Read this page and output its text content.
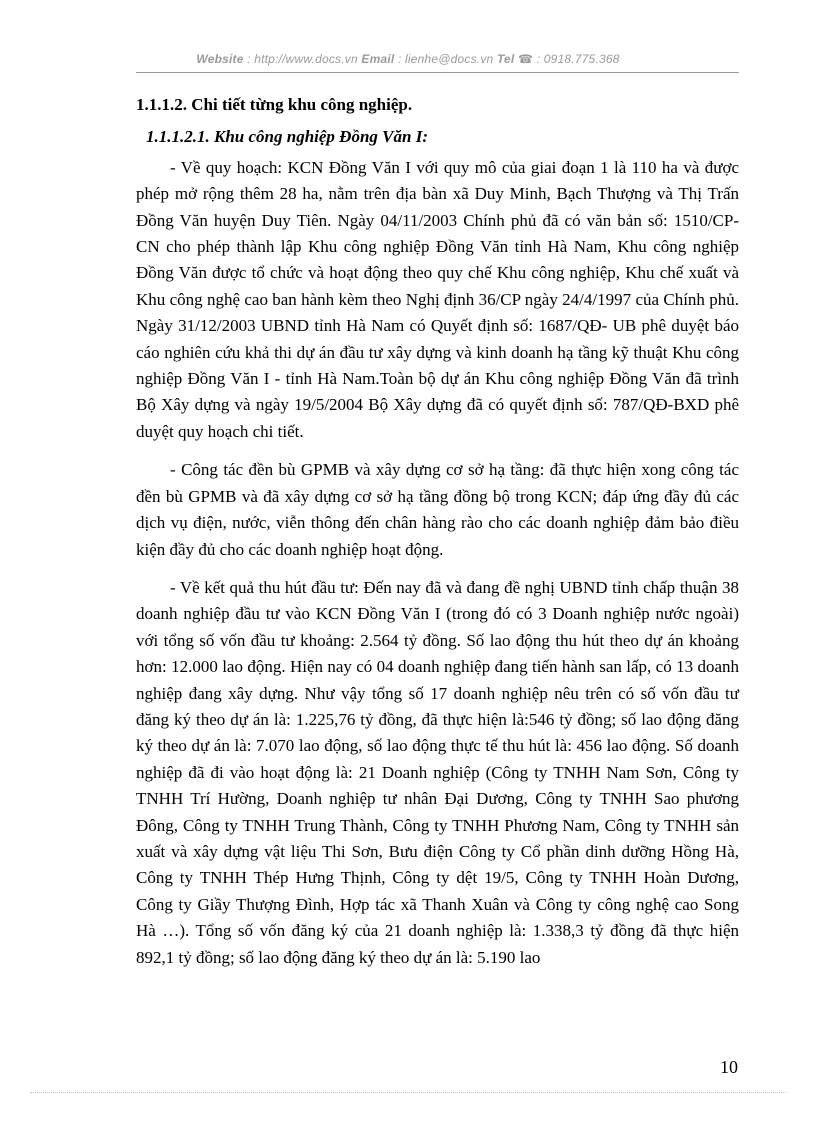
Website : http://www.docs.vn Email : lienhe@docs.vn Tel ☎ : 0918.775.368
1.1.1.2. Chi tiết từng khu công nghiệp.
1.1.1.2.1. Khu công nghiệp Đồng Văn I:

- Về quy hoạch: KCN Đồng Văn I với quy mô của giai đoạn 1 là 110 ha và được phép mở rộng thêm 28 ha, nằm trên địa bàn xã Duy Minh, Bạch Thượng và Thị Trấn Đồng Văn huyện Duy Tiên. Ngày 04/11/2003 Chính phủ đã có văn bản số: 1510/CP- CN cho phép thành lập Khu công nghiệp Đồng Văn tỉnh Hà Nam, Khu công nghiệp Đồng Văn được tổ chức và hoạt động theo quy chế Khu công nghiệp, Khu chế xuất và Khu công nghệ cao ban hành kèm theo Nghị định 36/CP ngày 24/4/1997 của Chính phủ. Ngày 31/12/2003 UBND tỉnh Hà Nam có Quyết định số: 1687/QĐ- UB phê duyệt báo cáo nghiên cứu khả thi dự án đầu tư xây dựng và kinh doanh hạ tầng kỹ thuật Khu công nghiệp Đồng Văn I - tỉnh Hà Nam.Toàn bộ dự án Khu công nghiệp Đồng Văn đã trình Bộ Xây dựng và ngày 19/5/2004 Bộ Xây dựng đã có quyết định số: 787/QĐ-BXD phê duyệt quy hoạch chi tiết.

- Công tác đền bù GPMB và xây dựng cơ sở hạ tầng: đã thực hiện xong công tác đền bù GPMB và đã xây dựng cơ sở hạ tầng đồng bộ trong KCN; đáp ứng đầy đủ các dịch vụ điện, nước, viễn thông đến chân hàng rào cho các doanh nghiệp đảm bảo điều kiện đầy đủ cho các doanh nghiệp hoạt động.

- Về kết quả thu hút đầu tư: Đến nay đã và đang đề nghị UBND tỉnh chấp thuận 38 doanh nghiệp đầu tư vào KCN Đồng Văn I (trong đó có 3 Doanh nghiệp nước ngoài) với tổng số vốn đầu tư khoảng: 2.564 tỷ đồng. Số lao động thu hút theo dự án khoảng hơn: 12.000 lao động. Hiện nay có 04 doanh nghiệp đang tiến hành san lấp, có 13 doanh nghiệp đang xây dựng. Như vậy tổng số 17 doanh nghiệp nêu trên có số vốn đầu tư đăng ký theo dự án là: 1.225,76 tỷ đồng, đã thực hiện là:546 tỷ đồng; số lao động đăng ký theo dự án là: 7.070 lao động, số lao động thực tế thu hút là: 456 lao động. Số doanh nghiệp đã đi vào hoạt động là: 21 Doanh nghiệp (Công ty TNHH Nam Sơn, Công ty TNHH Trí Hường, Doanh nghiệp tư nhân Đại Dương, Công ty TNHH Sao phương Đông, Công ty TNHH Trung Thành, Công ty TNHH Phương Nam, Công ty TNHH sản xuất và xây dựng vật liệu Thi Sơn, Bưu điện Công ty Cổ phần dinh dưỡng Hồng Hà, Công ty TNHH Thép Hưng Thịnh, Công ty dệt 19/5, Công ty TNHH Hoàn Dương, Công ty Giầy Thượng Đình, Hợp tác xã Thanh Xuân và Công ty công nghệ cao Song Hà …). Tổng số vốn đăng ký của 21 doanh nghiệp là: 1.338,3 tỷ đồng đã thực hiện 892,1 tỷ đồng; số lao động đăng ký theo dự án là: 5.190 lao

10
